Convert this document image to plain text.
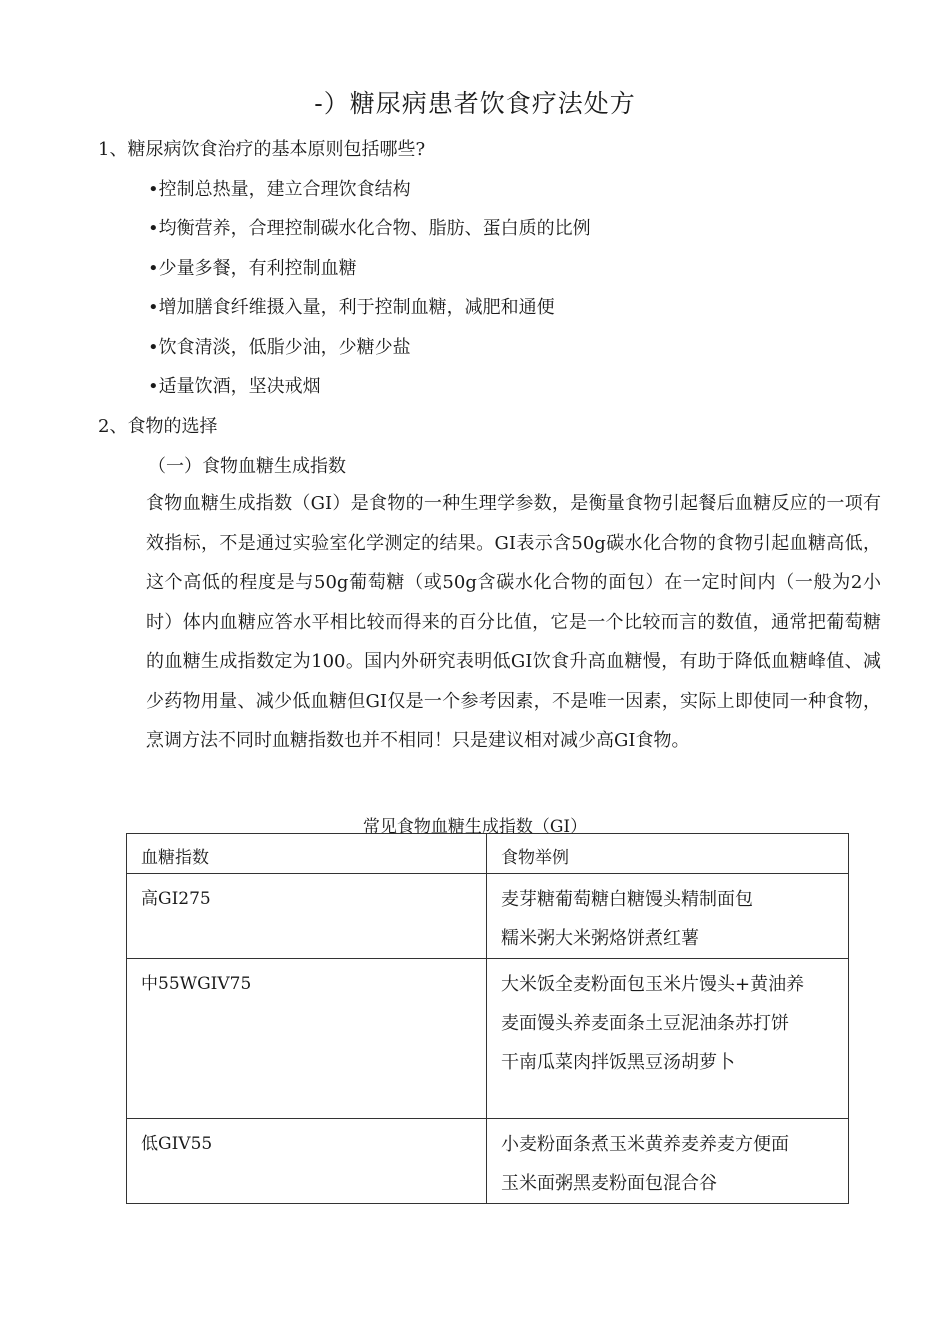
-）糖尿病患者饮食疗法处方
1、糖尿病饮食治疗的基本原则包括哪些?
•控制总热量，建立合理饮食结构
•均衡营养，合理控制碳水化合物、脂肪、蛋白质的比例
•少量多餐，有利控制血糖
•增加膳食纤维摄入量，利于控制血糖，减肥和通便
•饮食清淡，低脂少油，少糖少盐
•适量饮酒，坚决戒烟
2、食物的选择
（一）食物血糖生成指数
食物血糖生成指数（GI）是食物的一种生理学参数，是衡量食物引起餐后血糖反应的一项有效指标，不是通过实验室化学测定的结果。GI表示含50g碳水化合物的食物引起血糖高低，这个高低的程度是与50g葡萄糖（或50g含碳水化合物的面包）在一定时间内（一般为2小时）体内血糖应答水平相比较而得来的百分比值，它是一个比较而言的数值，通常把葡萄糖的血糖生成指数定为100。国内外研究表明低GI饮食升高血糖慢，有助于降低血糖峰值、减少药物用量、减少低血糖但GI仅是一个参考因素，不是唯一因素，实际上即使同一种食物，烹调方法不同时血糖指数也并不相同！只是建议相对减少高GI食物。
常见食物血糖生成指数（GI）
血糖指数	食物举例
高GI275	麦芽糖葡萄糖白糖馒头精制面包
糯米粥大米粥烙饼煮红薯

中55WGIV75	大米饭全麦粉面包玉米片馒头+黄油养
麦面馒头养麦面条土豆泥油条苏打饼
干南瓜菜肉拌饭黑豆汤胡萝卜

低GIV55	小麦粉面条煮玉米黄养麦养麦方便面
玉米面粥黑麦粉面包混合谷
